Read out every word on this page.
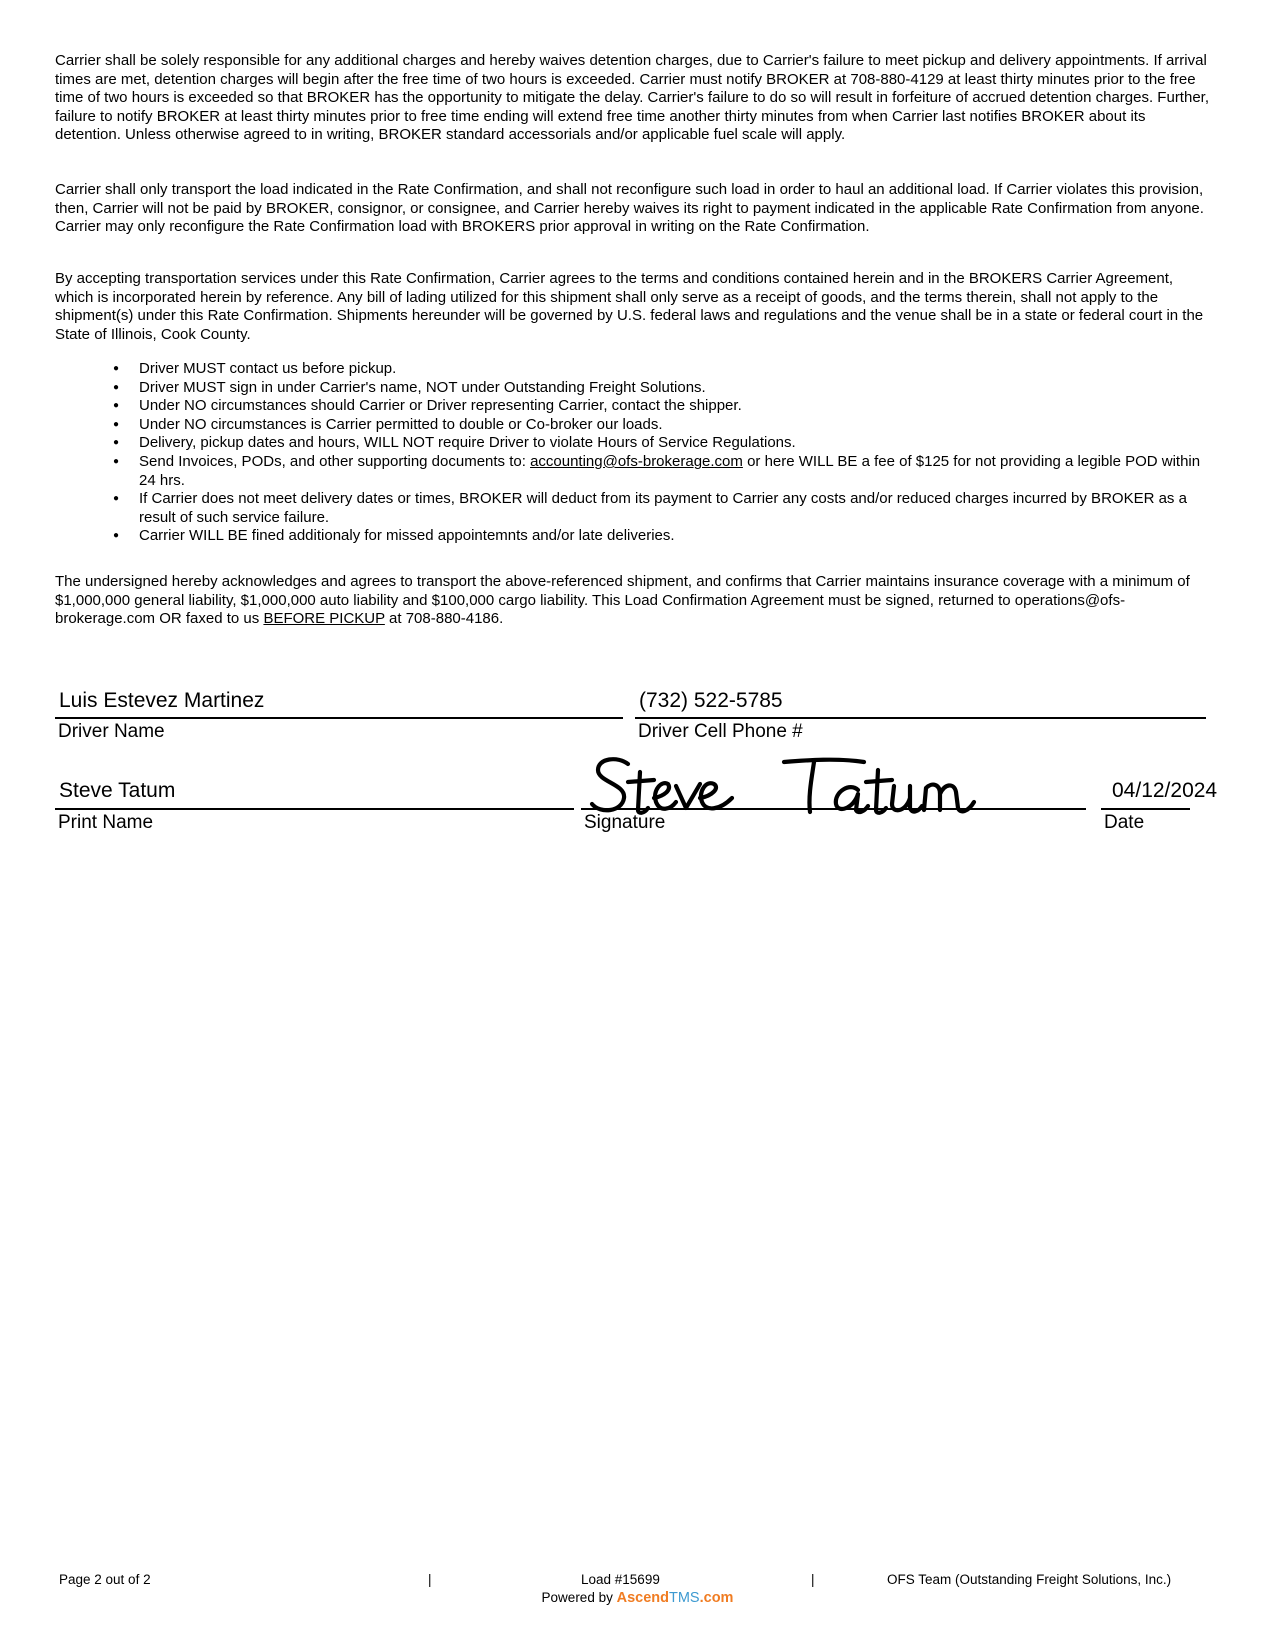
Carrier shall be solely responsible for any additional charges and hereby waives detention charges, due to Carrier's failure to meet pickup and delivery appointments. If arrival times are met, detention charges will begin after the free time of two hours is exceeded. Carrier must notify BROKER at 708-880-4129 at least thirty minutes prior to the free time of two hours is exceeded so that BROKER has the opportunity to mitigate the delay. Carrier's failure to do so will result in forfeiture of accrued detention charges. Further, failure to notify BROKER at least thirty minutes prior to free time ending will extend free time another thirty minutes from when Carrier last notifies BROKER about its detention. Unless otherwise agreed to in writing, BROKER standard accessorials and/or applicable fuel scale will apply.

Carrier shall only transport the load indicated in the Rate Confirmation, and shall not reconfigure such load in order to haul an additional load. If Carrier violates this provision, then, Carrier will not be paid by BROKER, consignor, or consignee, and Carrier hereby waives its right to payment indicated in the applicable Rate Confirmation from anyone. Carrier may only reconfigure the Rate Confirmation load with BROKERS prior approval in writing on the Rate Confirmation.

By accepting transportation services under this Rate Confirmation, Carrier agrees to the terms and conditions contained herein and in the BROKERS Carrier Agreement, which is incorporated herein by reference. Any bill of lading utilized for this shipment shall only serve as a receipt of goods, and the terms therein, shall not apply to the shipment(s) under this Rate Confirmation. Shipments hereunder will be governed by U.S. federal laws and regulations and the venue shall be in a state or federal court in the State of Illinois, Cook County.

● Driver MUST contact us before pickup.
● Driver MUST sign in under Carrier's name, NOT under Outstanding Freight Solutions.
● Under NO circumstances should Carrier or Driver representing Carrier, contact the shipper.
● Under NO circumstances is Carrier permitted to double or Co-broker our loads.
● Delivery, pickup dates and hours, WILL NOT require Driver to violate Hours of Service Regulations.
● Send Invoices, PODs, and other supporting documents to: accounting@ofs-brokerage.com or here WILL BE a fee of $125 for not providing a legible POD within 24 hrs.
● If Carrier does not meet delivery dates or times, BROKER will deduct from its payment to Carrier any costs and/or reduced charges incurred by BROKER as a result of such service failure.
● Carrier WILL BE fined additionaly for missed appointemnts and/or late deliveries.

The undersigned hereby acknowledges and agrees to transport the above-referenced shipment, and confirms that Carrier maintains insurance coverage with a minimum of $1,000,000 general liability, $1,000,000 auto liability and $100,000 cargo liability. This Load Confirmation Agreement must be signed, returned to operations@ofs-brokerage.com OR faxed to us BEFORE PICKUP at 708-880-4186.

Luis Estevez Martinez
Driver Name
(732) 522-5785
Driver Cell Phone #
Steve Tatum
Print Name	Signature
04/12/2024
Date
Page 2 out of 2	|	Load #15699	|	OFS Team (Outstanding Freight Solutions, Inc.)
Powered by AscendTMS.com
